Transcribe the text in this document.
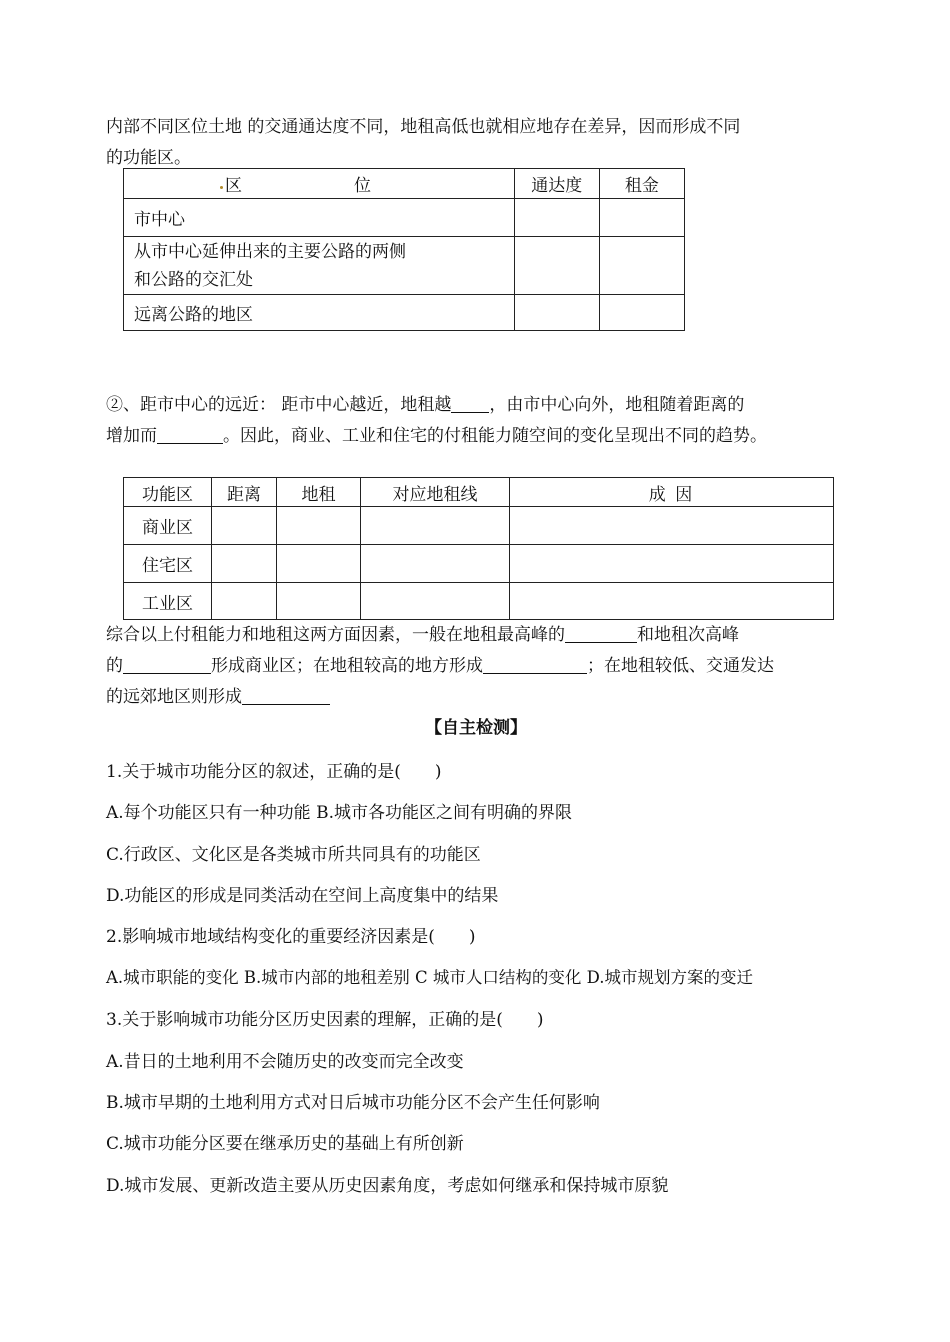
内部不同区位土地 的交通通达度不同，地租高低也就相应地存在差异，因而形成不同
的功能区。

区 位	通达度	租金
市中心		

从市中心延伸出来的主要公路的两侧
和公路的交汇处		

远离公路的地区		

②、距市中心的远近： 距市中心越近，地租越 ，由市中心向外，地租随着距离的
增加而	。因此，商业、工业和住宅的付租能力随空间的变化呈现出不同的趋势。

功能区	距离	地租	对应地租线	成 因
商业区				
住宅区				
工业区				

综合以上付租能力和地租这两方面因素，一般在地租最高峰的	和地租次高峰
的	形成商业区；在地租较高的地方形成	；在地租较低、交通发达
的远郊地区则形成

【自主检测】

1.关于城市功能分区的叙述，正确的是(　　)

A.每个功能区只有一种功能 B.城市各功能区之间有明确的界限

C.行政区、文化区是各类城市所共同具有的功能区

D.功能区的形成是同类活动在空间上高度集中的结果

2.影响城市地域结构变化的重要经济因素是(　　)

A.城市职能的变化 B.城市内部的地租差别 C 城市人口结构的变化 D.城市规划方案的变迁

3.关于影响城市功能分区历史因素的理解，正确的是(　　)

A.昔日的土地利用不会随历史的改变而完全改变

B.城市早期的土地利用方式对日后城市功能分区不会产生任何影响

C.城市功能分区要在继承历史的基础上有所创新

D.城市发展、更新改造主要从历史因素角度，考虑如何继承和保持城市原貌
